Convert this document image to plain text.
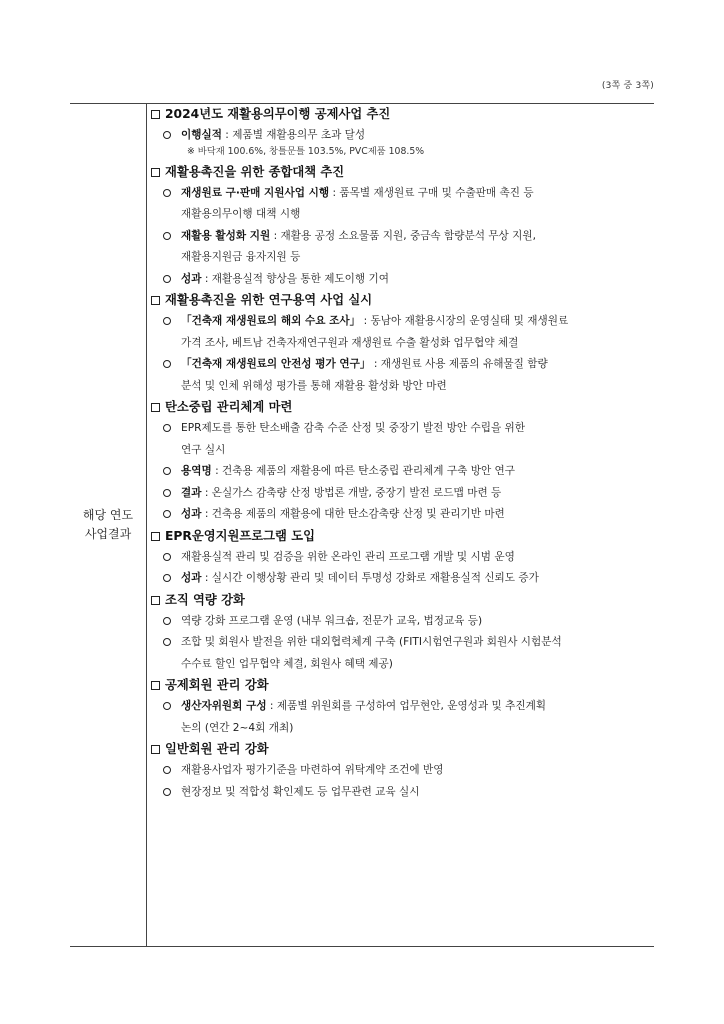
(3쪽 중 3쪽)
해당 연도
사업결과
2024년도 재활용의무이행 공제사업 추진
이행실적 : 제품별 재활용의무 초과 달성
※ 바닥재 100.6%, 창틀문틀 103.5%, PVC제품 108.5%
재활용촉진을 위한 종합대책 추진
재생원료 구·판매 지원사업 시행 : 품목별 재생원료 구매 및 수출판매 촉진 등
재활용의무이행 대책 시행
재활용 활성화 지원 : 재활용 공정 소요물품 지원, 중금속 함량분석 무상 지원,
재활용지원금 융자지원 등
성과 : 재활용실적 향상을 통한 제도이행 기여
재활용촉진을 위한 연구용역 사업 실시
「건축재 재생원료의 해외 수요 조사」 : 동남아 재활용시장의 운영실태 및 재생원료
가격 조사, 베트남 건축자재연구원과 재생원료 수출 활성화 업무협약 체결
「건축재 재생원료의 안전성 평가 연구」 : 재생원료 사용 제품의 유해물질 함량
분석 및 인체 위해성 평가를 통해 재활용 활성화 방안 마련
탄소중립 관리체계 마련
EPR제도를 통한 탄소배출 감축 수준 산정 및 중장기 발전 방안 수립을 위한
연구 실시
용역명 : 건축용 제품의 재활용에 따른 탄소중립 관리체계 구축 방안 연구
결과 : 온실가스 감축량 산정 방법론 개발, 중장기 발전 로드맵 마련 등
성과 : 건축용 제품의 재활용에 대한 탄소감축량 산정 및 관리기반 마련
EPR운영지원프로그램 도입
재활용실적 관리 및 검증을 위한 온라인 관리 프로그램 개발 및 시범 운영
성과 : 실시간 이행상황 관리 및 데이터 투명성 강화로 재활용실적 신뢰도 증가
조직 역량 강화
역량 강화 프로그램 운영 (내부 워크숍, 전문가 교육, 법정교육 등)
조합 및 회원사 발전을 위한 대외협력체계 구축 (FITI시험연구원과 회원사 시험분석
수수료 할인 업무협약 체결, 회원사 혜택 제공)
공제회원 관리 강화
생산자위원회 구성 : 제품별 위원회를 구성하여 업무현안, 운영성과 및 추진계획
논의 (연간 2~4회 개최)
일반회원 관리 강화
재활용사업자 평가기준을 마련하여 위탁계약 조건에 반영
현장정보 및 적합성 확인제도 등 업무관련 교육 실시
